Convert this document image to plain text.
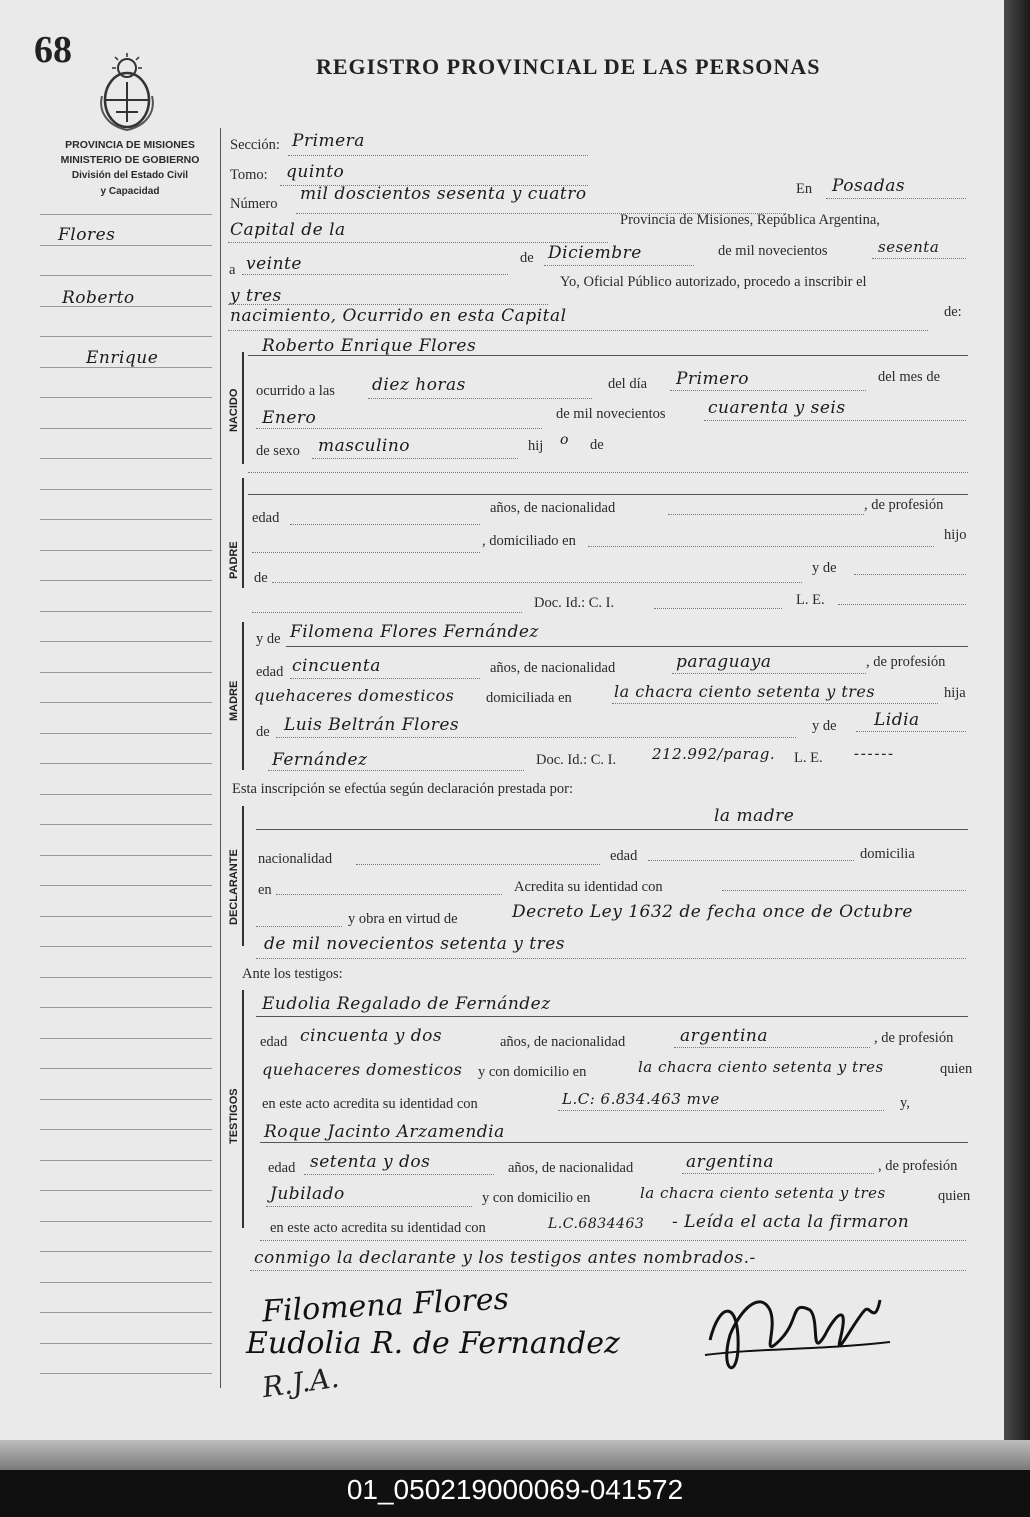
68	REGISTRO PROVINCIAL DE LAS PERSONAS
PROVINCIA DE MISIONES
MINISTERIO DE GOBIERNO
División del Estado Civil
y Capacidad
Flores
Roberto
Enrique
Sección: Primera
Tomo: quinto
Número mil doscientos sesenta y cuatro	En Posadas
Capital de la	Provincia de Misiones, República Argentina,
a veinte	de Diciembre	de mil novecientos	sesenta
y tres
Yo, Oficial Público autorizado, procedo a inscribir el
nacimiento, Ocurrido en esta Capital	de:
NACIDO
Roberto Enrique Flores
ocurrido a las diez horas	del día Primero	del mes de
Enero	de mil novecientos cuarenta y seis
de sexo masculino	hij o de
PADRE
edad
años, de nacionalidad	, de profesión
, domiciliado en	hijo
de
y de
Doc. Id.: C. I.	L. E.
MADRE
y de Filomena Flores Fernández
edad cincuenta	años, de nacionalidad	paraguaya	, de profesión
quehaceres domesticos domiciliada en	la chacra ciento setenta y tres	hija
de Luis Beltrán Flores	y de Lidia
Fernández	Doc. Id.: C. I. 212.992/parag. L. E. ------
Esta inscripción se efectúa según declaración prestada por:
DECLARANTE
la madre
nacionalidad	edad	domicilia
en	Acredita su identidad con
y obra en virtud de	Decreto Ley 1632 de fecha once de Octubre
de mil novecientos setenta y tres
Ante los testigos:
TESTIGOS
Eudolia Regalado de Fernández
edad cincuenta y dos	años, de nacionalidad	argentina	, de profesión
quehaceres domesticos y con domicilio en	la chacra ciento setenta y tres	quien
en este acto acredita su identidad con	L.C: 6.834.463 mve	y,
Roque Jacinto Arzamendia
edad setenta y dos	años, de nacionalidad	argentina	, de profesión
Jubilado	y con domicilio en	la chacra ciento setenta y tres	quien
en este acto acredita su identidad con	L.C.6834463 - Leída el acta la firmaron
conmigo la declarante y los testigos antes nombrados.-
Filomena Flores
Eudolia R. de Fernandez
R.J.A.
01_050219000069-041572
